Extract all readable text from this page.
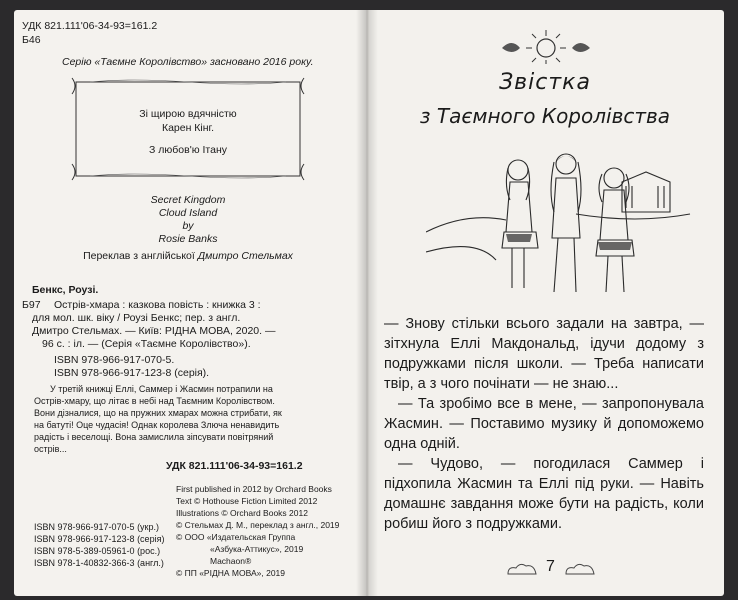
УДК 821.111'06-34-93=161.2
Б46
Серію «Таємне Королівство» засновано 2016 року.
Зі щирою вдячністю
Карен Кінг.
З любов'ю Ітану
Secret Kingdom
Cloud Island
by
Rosie Banks
Переклав з англійської Дмитро Стельмах
Бенкс, Роузі.
Б97 Острів-хмара : казкова повість : книжка 3 :
для мол. шк. віку / Роузі Бенкс; пер. з англ.
Дмитро Стельмах. — Київ: РІДНА МОВА, 2020. —
96 с. : іл. — (Серія «Таємне Королівство»).
ISBN 978-966-917-070-5.
ISBN 978-966-917-123-8 (серія).
У третій книжці Еллі, Саммер і Жасмин потрапили на
Острів-хмару, що літає в небі над Таємним Королівством.
Вони дізналися, що на пружних хмарах можна стрибати, як
на батуті! Оце чудасія! Однак королева Злюча ненавидить
радість і веселощі. Вона замислила зіпсувати повітряний
острів...
УДК 821.111'06-34-93=161.2
ISBN 978-966-917-070-5 (укр.)
ISBN 978-966-917-123-8 (серія)
ISBN 978-5-389-05961-0 (рос.)
ISBN 978-1-40832-366-3 (англ.)
First published in 2012 by Orchard Books
Text © Hothouse Fiction Limited 2012
Illustrations © Orchard Books 2012
© Стельмах Д. М., переклад з англ., 2019
© ООО «Издательская Группа
«Азбука-Аттикус», 2019
Machaon®
© ПП «РІДНА МОВА», 2019
Звістка
з Таємного Королівства

— Знову стільки всього задали на завтра, — зітхнула Еллі Макдональд, ідучи додому з подружками після школи. — Треба написати твір, а з чого почінати — не знаю...

— Та зробімо все в мене, — запропонувала Жасмин. — Поставимо музику й допоможемо одна одній.

— Чудово, — погодилася Саммер і підхопила Жасмин та Еллі під руки. — Навіть домашнє завдання може бути на радість, коли робиш його з подружками.

7
